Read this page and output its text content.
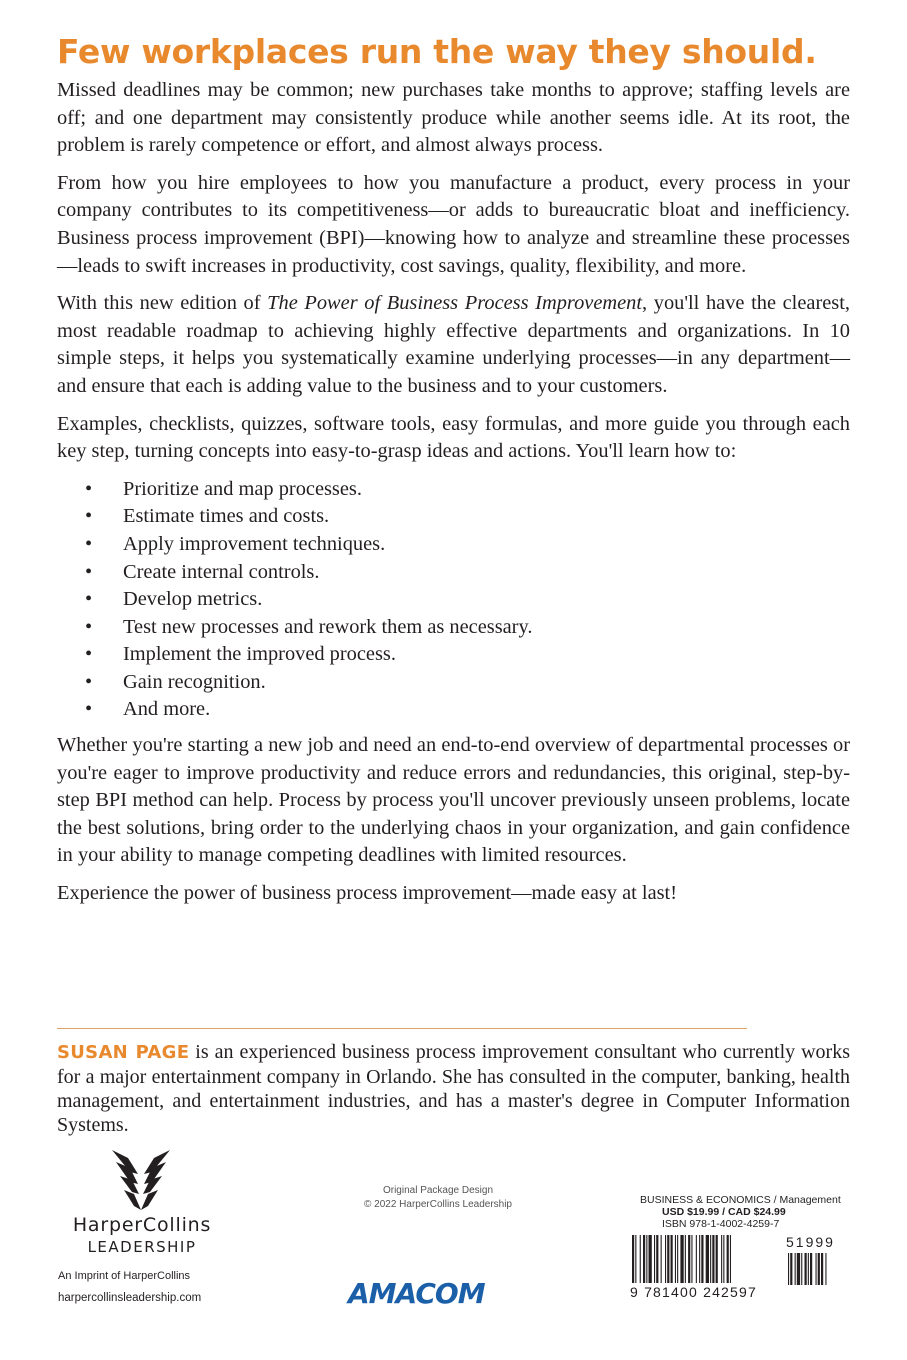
Few workplaces run the way they should.

Missed deadlines may be common; new purchases take months to approve; staffing levels are off; and one department may consistently produce while another seems idle. At its root, the problem is rarely competence or effort, and almost always process.

From how you hire employees to how you manufacture a product, every process in your company contributes to its competitiveness—or adds to bureaucratic bloat and inefficiency. Business process improvement (BPI)—knowing how to analyze and streamline these processes—leads to swift increases in productivity, cost savings, quality, flexibility, and more.

With this new edition of The Power of Business Process Improvement, you'll have the clearest, most readable roadmap to achieving highly effective departments and organizations. In 10 simple steps, it helps you systematically examine underlying processes—in any department—and ensure that each is adding value to the business and to your customers.

Examples, checklists, quizzes, software tools, easy formulas, and more guide you through each key step, turning concepts into easy-to-grasp ideas and actions. You'll learn how to:

• Prioritize and map processes.
• Estimate times and costs.
• Apply improvement techniques.
• Create internal controls.
• Develop metrics.
• Test new processes and rework them as necessary.
• Implement the improved process.
• Gain recognition.
• And more.

Whether you're starting a new job and need an end-to-end overview of departmental processes or you're eager to improve productivity and reduce errors and redundancies, this original, step-by-step BPI method can help. Process by process you'll uncover previously unseen problems, locate the best solutions, bring order to the underlying chaos in your organization, and gain confidence in your ability to manage competing deadlines with limited resources.

Experience the power of business process improvement—made easy at last!

SUSAN PAGE is an experienced business process improvement consultant who currently works for a major entertainment company in Orlando. She has consulted in the computer, banking, health management, and entertainment industries, and has a master's degree in Computer Information Systems.

HarperCollins
LEADERSHIP
An Imprint of HarperCollins
harpercollinsleadership.com
Original Package Design
© 2022 HarperCollins Leadership
AMACOM
BUSINESS & ECONOMICS / Management
USD $19.99 / CAD $24.99
ISBN 978-1-4002-4259-7
9 781400 242597
51999
